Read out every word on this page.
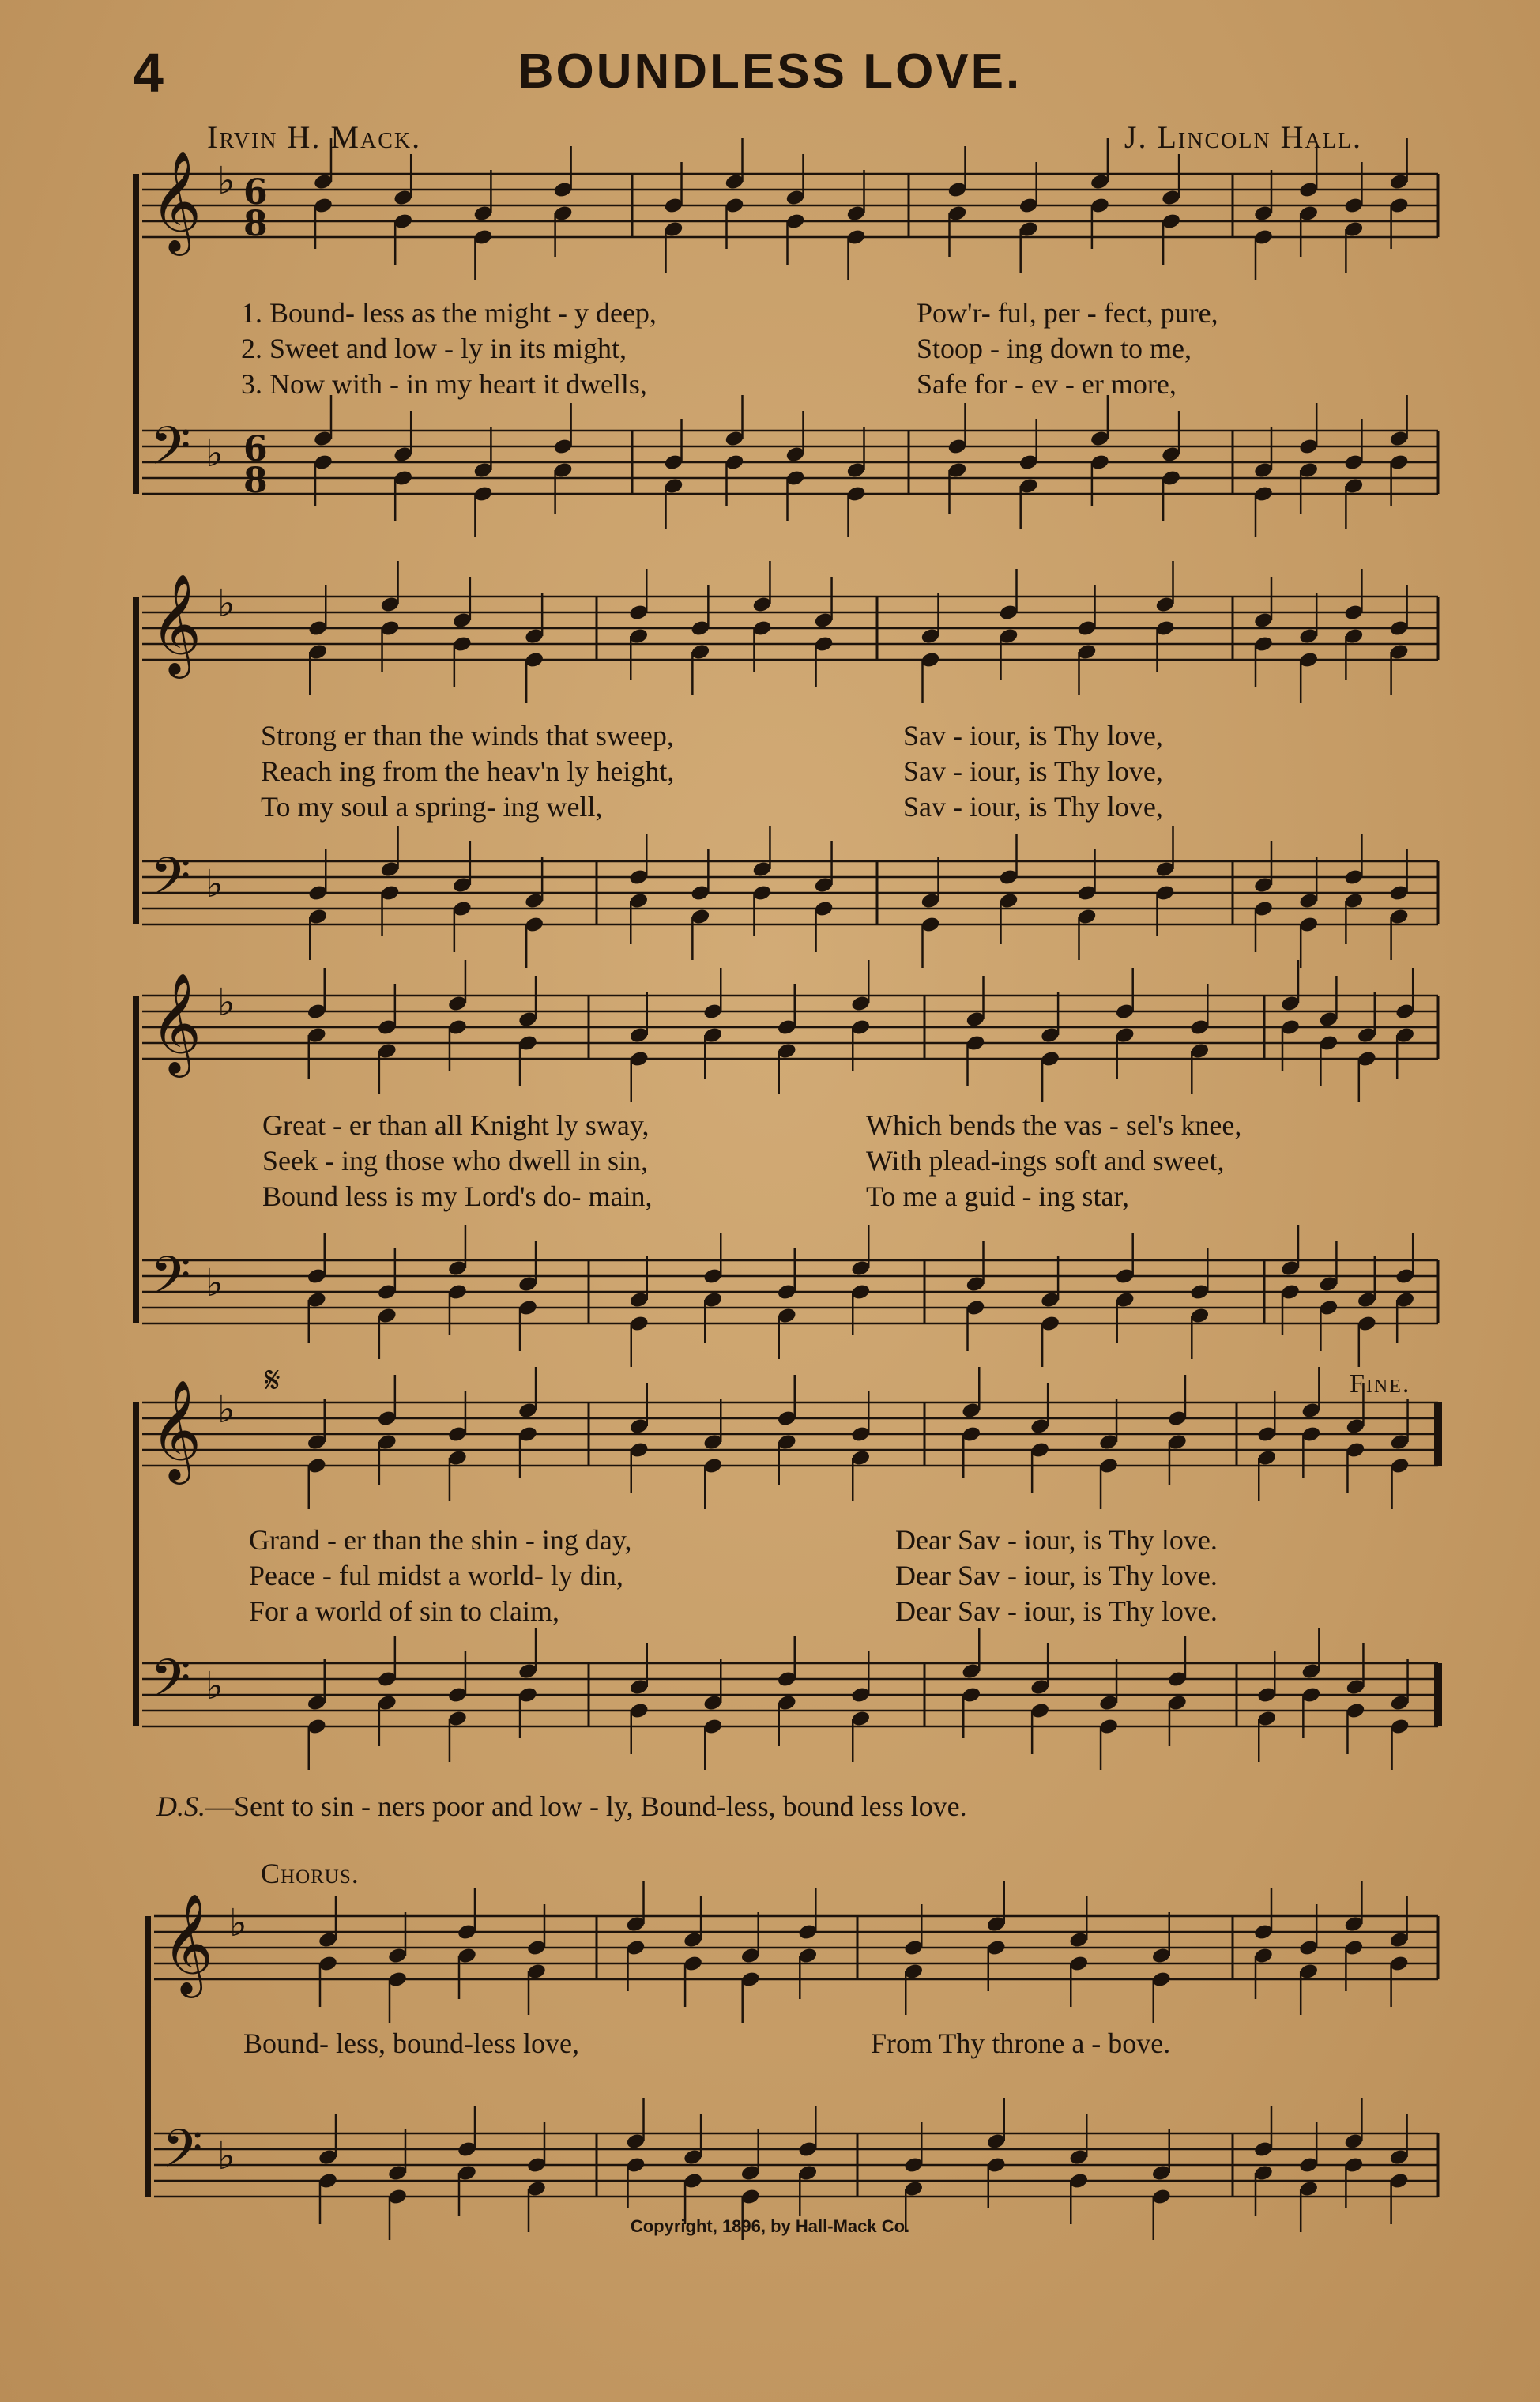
𝄞 ♭
𝄢 ♭
6
8
6
8
𝄞 ♭
𝄢 ♭
𝄞 ♭
𝄢 ♭
𝄞 ♭
𝄢 ♭
𝄞 ♭
𝄢 ♭
𝄋
4	BOUNDLESS LOVE.
Irvin H. Mack.	J. Lincoln Hall.
1. Bound- less as the might - y deep,	Pow'r- ful, per - fect, pure,
2. Sweet and low - ly in its might,	Stoop - ing down to me,
3. Now with - in my heart it dwells,	Safe for - ev - er more,
Strong er than the winds that sweep,	Sav - iour, is Thy love,
Reach ing from the heav'n ly height,	Sav - iour, is Thy love,
To my soul a spring- ing well,	Sav - iour, is Thy love,
Great - er than all Knight ly sway,	Which bends the vas - sel's knee,
Seek - ing those who dwell in sin,	With plead-ings soft and sweet,
Bound less is my Lord's do- main,	To me a guid - ing star,
Fine.
Grand - er than the shin - ing day,	Dear Sav - iour, is Thy love.
Peace - ful midst a world- ly din,	Dear Sav - iour, is Thy love.
For a world of sin to claim,	Dear Sav - iour, is Thy love.
D.S.—Sent to sin - ners poor and low - ly, Bound-less, bound less love.
Chorus.
Bound- less, bound-less love,	From Thy throne a - bove.
Copyright, 1896, by Hall-Mack Co.
